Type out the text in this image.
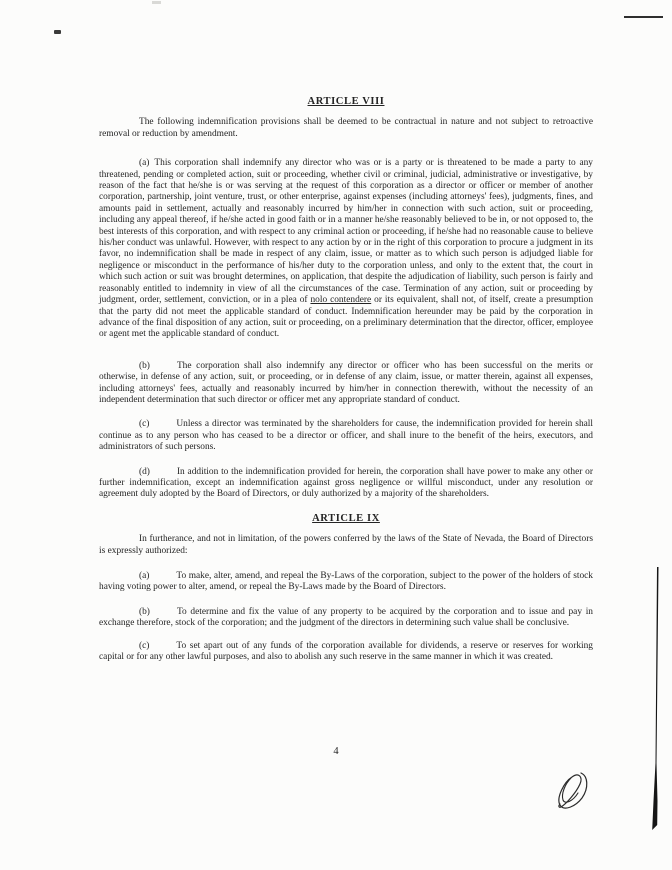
ARTICLE VIII

The following indemnification provisions shall be deemed to be contractual in nature and not subject to retroactive removal or reduction by amendment.

(a) This corporation shall indemnify any director who was or is a party or is threatened to be made a party to any threatened, pending or completed action, suit or proceeding, whether civil or criminal, judicial, administrative or investigative, by reason of the fact that he/she is or was serving at the request of this corporation as a director or officer or member of another corporation, partnership, joint venture, trust, or other enterprise, against expenses (including attorneys' fees), judgments, fines, and amounts paid in settlement, actually and reasonably incurred by him/her in connection with such action, suit or proceeding, including any appeal thereof, if he/she acted in good faith or in a manner he/she reasonably believed to be in, or not opposed to, the best interests of this corporation, and with respect to any criminal action or proceeding, if he/she had no reasonable cause to believe his/her conduct was unlawful. However, with respect to any action by or in the right of this corporation to procure a judgment in its favor, no indemnification shall be made in respect of any claim, issue, or matter as to which such person is adjudged liable for negligence or misconduct in the performance of his/her duty to the corporation unless, and only to the extent that, the court in which such action or suit was brought determines, on application, that despite the adjudication of liability, such person is fairly and reasonably entitled to indemnity in view of all the circumstances of the case. Termination of any action, suit or proceeding by judgment, order, settlement, conviction, or in a plea of nolo contendere or its equivalent, shall not, of itself, create a presumption that the party did not meet the applicable standard of conduct. Indemnification hereunder may be paid by the corporation in advance of the final disposition of any action, suit or proceeding, on a preliminary determination that the director, officer, employee or agent met the applicable standard of conduct.

(b)	The corporation shall also indemnify any director or officer who has been successful on the merits or otherwise, in defense of any action, suit, or proceeding, or in defense of any claim, issue, or matter therein, against all expenses, including attorneys' fees, actually and reasonably incurred by him/her in connection therewith, without the necessity of an independent determination that such director or officer met any appropriate standard of conduct.

(c)	Unless a director was terminated by the shareholders for cause, the indemnification provided for herein shall continue as to any person who has ceased to be a director or officer, and shall inure to the benefit of the heirs, executors, and administrators of such persons.

(d)	In addition to the indemnification provided for herein, the corporation shall have power to make any other or further indemnification, except an indemnification against gross negligence or willful misconduct, under any resolution or agreement duly adopted by the Board of Directors, or duly authorized by a majority of the shareholders.

ARTICLE IX

In furtherance, and not in limitation, of the powers conferred by the laws of the State of Nevada, the Board of Directors is expressly authorized:

(a)	To make, alter, amend, and repeal the By-Laws of the corporation, subject to the power of the holders of stock having voting power to alter, amend, or repeal the By-Laws made by the Board of Directors.

(b)	To determine and fix the value of any property to be acquired by the corporation and to issue and pay in exchange therefore, stock of the corporation; and the judgment of the directors in determining such value shall be conclusive.

(c)	To set apart out of any funds of the corporation available for dividends, a reserve or reserves for working capital or for any other lawful purposes, and also to abolish any such reserve in the same manner in which it was created.

4
